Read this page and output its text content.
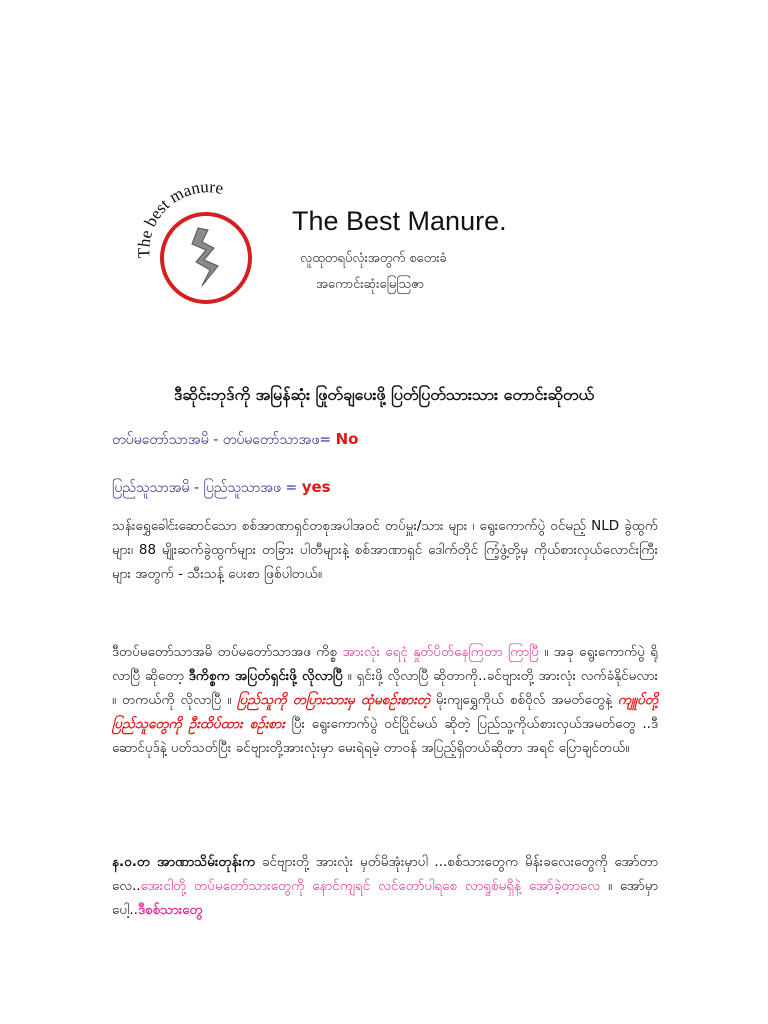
The best manure
The Best Manure.
လူထုတရပ်လုံးအတွက် စတေးခံ
အကောင်းဆုံးမြေသြဇာ
ဒီဆိုင်းဘုဒ်ကို အမြန်ဆုံး ဖြုတ်ချပေးဖို့ ပြတ်ပြတ်သားသား တောင်းဆိုတယ်
တပ်မတော်သာအမိ - တပ်မတော်သာအဖ= No
ပြည်သူသာအမိ - ပြည်သူသာအဖ = yes
သန်းရွှေခေါင်းဆောင်သော စစ်အာဏာရှင်တစုအပါအဝင် တပ်မှူး/သား များ ၊ ရွေးကောက်ပွဲ ဝင်မည့် NLD ခွဲထွက်များ၊ 88 မျိုးဆက်ခွဲထွက်များ တခြား ပါတီများနဲ့ စစ်အာဏာရှင် ဒေါက်တိုင် ကြံ့ဖွံ့တို့မှ ကိုယ်စားလှယ်လောင်းကြီးများ အတွက် - သီးသန့် ပေးစာ ဖြစ်ပါတယ်။
ဒီတပ်မတော်သာအမိ တပ်မတော်သာအဖ ကိစ္စ အားလုံး ရေငုံ နှုတ်ပိတ်နေကြတာ ကြာပြီ ။ အခု ရွေးကောက်ပွဲ ရိုလာပြီ ဆိုတော့ ဒီကိစ္စက အပြတ်ရှင်းဖို့ လိုလာပြီ ။ ရှင်းဖို့ လိုလာပြီ ဆိုတာကို..ခင်ဗျားတို့ အားလုံး လက်ခံနိုင်မလား ။ တကယ်ကို လိုလာပြီ ။ ပြည်သူကို တပြားသားမှ ထုံမစဉ်းစားတဲ့ မိုးကျရွှေကိုယ် စစ်ဝိုလ် အမတ်တွေနဲ့ ကျူပ်တို့ ပြည်သူတွေကို ဦးထိပ်ထား စဉ်းစား ပြီး ရွေးကောက်ပွဲ ဝင်ပြိုင်မယ် ဆိုတဲ့ ပြည်သူ့ကိုယ်စားလှယ်အမတ်တွေ ..ဒီဆောင်ပုဒ်နဲ့ ပတ်သတ်ပြီး ခင်ဗျားတို့အားလုံးမှာ မေးရဲရမဲ့ တာဝန် အပြည့်ရှိတယ်ဆိုတာ အရင် ပြောချင်တယ်။
န.ဝ.တ အာဏာသိမ်းတုန်းက ခင်ဗျားတို့ အားလုံး မှတ်မိအုံးမှာပါ ...စစ်သားတွေက မိန်းခလေးတွေကို အော်တာလေ..အေးငါတို့ တပ်မတော်သားတွေကို နောင်ကျရင် လင်တော်ပါရစေ လာရှုစ်မရှိနဲ့ အော်ခဲ့တာလေ ။ အော်မှာပေါ့..ဒီစစ်သားတွေ
